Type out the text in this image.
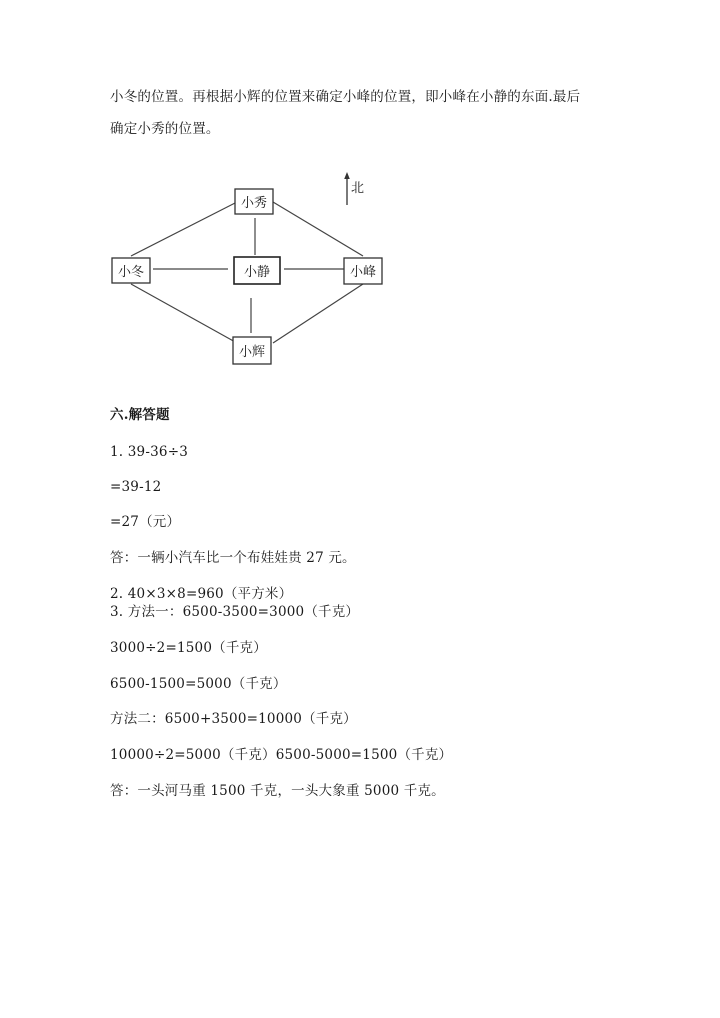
小冬的位置。再根据小辉的位置来确定小峰的位置，即小峰在小静的东面.最后
确定小秀的位置。
北
小秀
小冬	小静	小峰
小辉
六.解答题
1. 39-36÷3
=39-12
=27（元）
答：一辆小汽车比一个布娃娃贵 27 元。
2. 40×3×8=960（平方米）
3. 方法一：6500-3500=3000（千克）
3000÷2=1500（千克）
6500-1500=5000（千克）
方法二：6500+3500=10000（千克）
10000÷2=5000（千克）6500-5000=1500（千克）
答：一头河马重 1500 千克，一头大象重 5000 千克。
